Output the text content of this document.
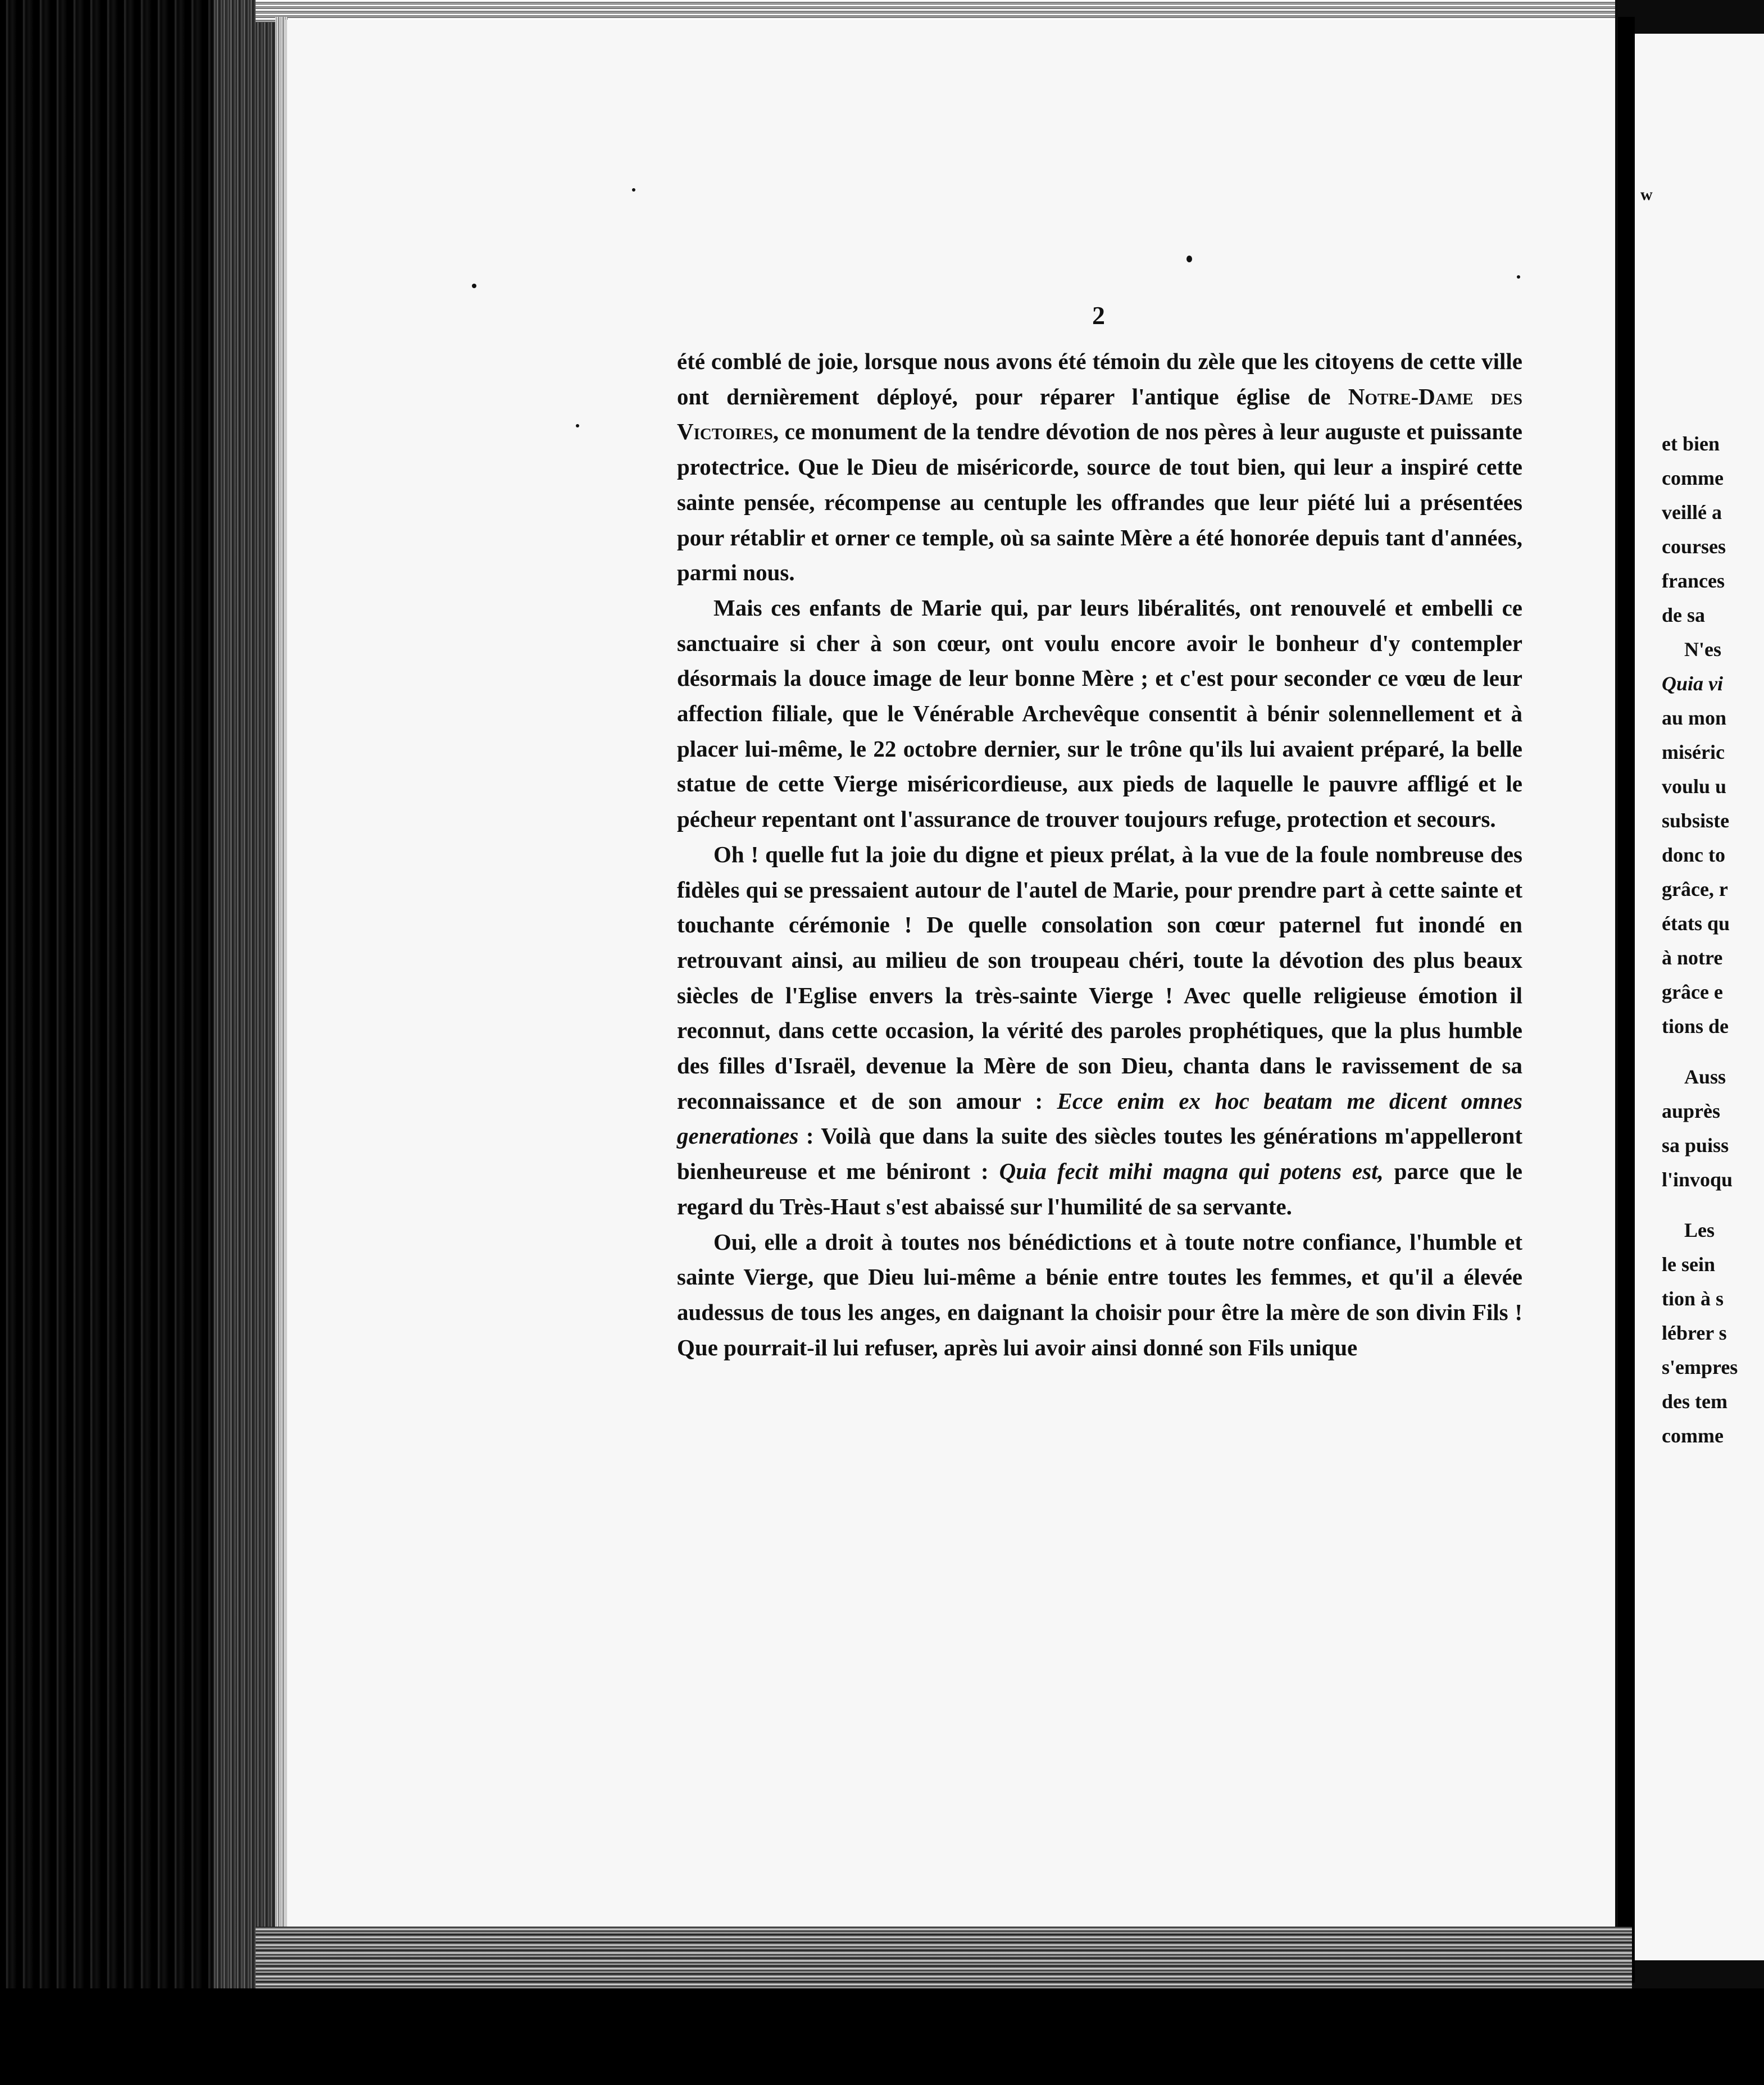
w
et bien
comme
veillé a
courses
frances
de sa
N'es
Quia vi
au mon
miséric
voulu u
subsiste
donc to
grâce, r
états qu
à notre
grâce e
tions de
Auss
auprès
sa puiss
l'invoqu
Les
le sein
tion à s
lébrer s
s'empres
des tem
comme
2

été comblé de joie, lorsque nous avons été témoin du zèle que les citoyens de cette ville ont dernièrement déployé, pour réparer l'antique église de Notre-Dame des Victoires, ce monument de la tendre dévotion de nos pères à leur auguste et puissante protectrice. Que le Dieu de miséricorde, source de tout bien, qui leur a inspiré cette sainte pensée, récompense au centuple les offrandes que leur piété lui a présentées pour rétablir et orner ce temple, où sa sainte Mère a été honorée depuis tant d'années, parmi nous.

Mais ces enfants de Marie qui, par leurs libéralités, ont renouvelé et embelli ce sanctuaire si cher à son cœur, ont voulu encore avoir le bonheur d'y contempler désormais la douce image de leur bonne Mère ; et c'est pour seconder ce vœu de leur affection filiale, que le Vénérable Archevêque consentit à bénir solennellement et à placer lui-même, le 22 octobre dernier, sur le trône qu'ils lui avaient préparé, la belle statue de cette Vierge miséricordieuse, aux pieds de laquelle le pauvre affligé et le pécheur repentant ont l'assurance de trouver toujours refuge, protection et secours.

Oh ! quelle fut la joie du digne et pieux prélat, à la vue de la foule nombreuse des fidèles qui se pressaient autour de l'autel de Marie, pour prendre part à cette sainte et touchante cérémonie ! De quelle consolation son cœur paternel fut inondé en retrouvant ainsi, au milieu de son troupeau chéri, toute la dévotion des plus beaux siècles de l'Eglise envers la très-sainte Vierge ! Avec quelle religieuse émotion il reconnut, dans cette occasion, la vérité des paroles prophétiques, que la plus humble des filles d'Israël, devenue la Mère de son Dieu, chanta dans le ravissement de sa reconnaissance et de son amour : Ecce enim ex hoc beatam me dicent omnes generationes : Voilà que dans la suite des siècles toutes les générations m'appelleront bienheureuse et me béniront : Quia fecit mihi magna qui potens est, parce que le regard du Très-Haut s'est abaissé sur l'humilité de sa servante.

Oui, elle a droit à toutes nos bénédictions et à toute notre confiance, l'humble et sainte Vierge, que Dieu lui-même a bénie entre toutes les femmes, et qu'il a élevée audessus de tous les anges, en daignant la choisir pour être la mère de son divin Fils ! Que pourrait-il lui refuser, après lui avoir ainsi donné son Fils unique
